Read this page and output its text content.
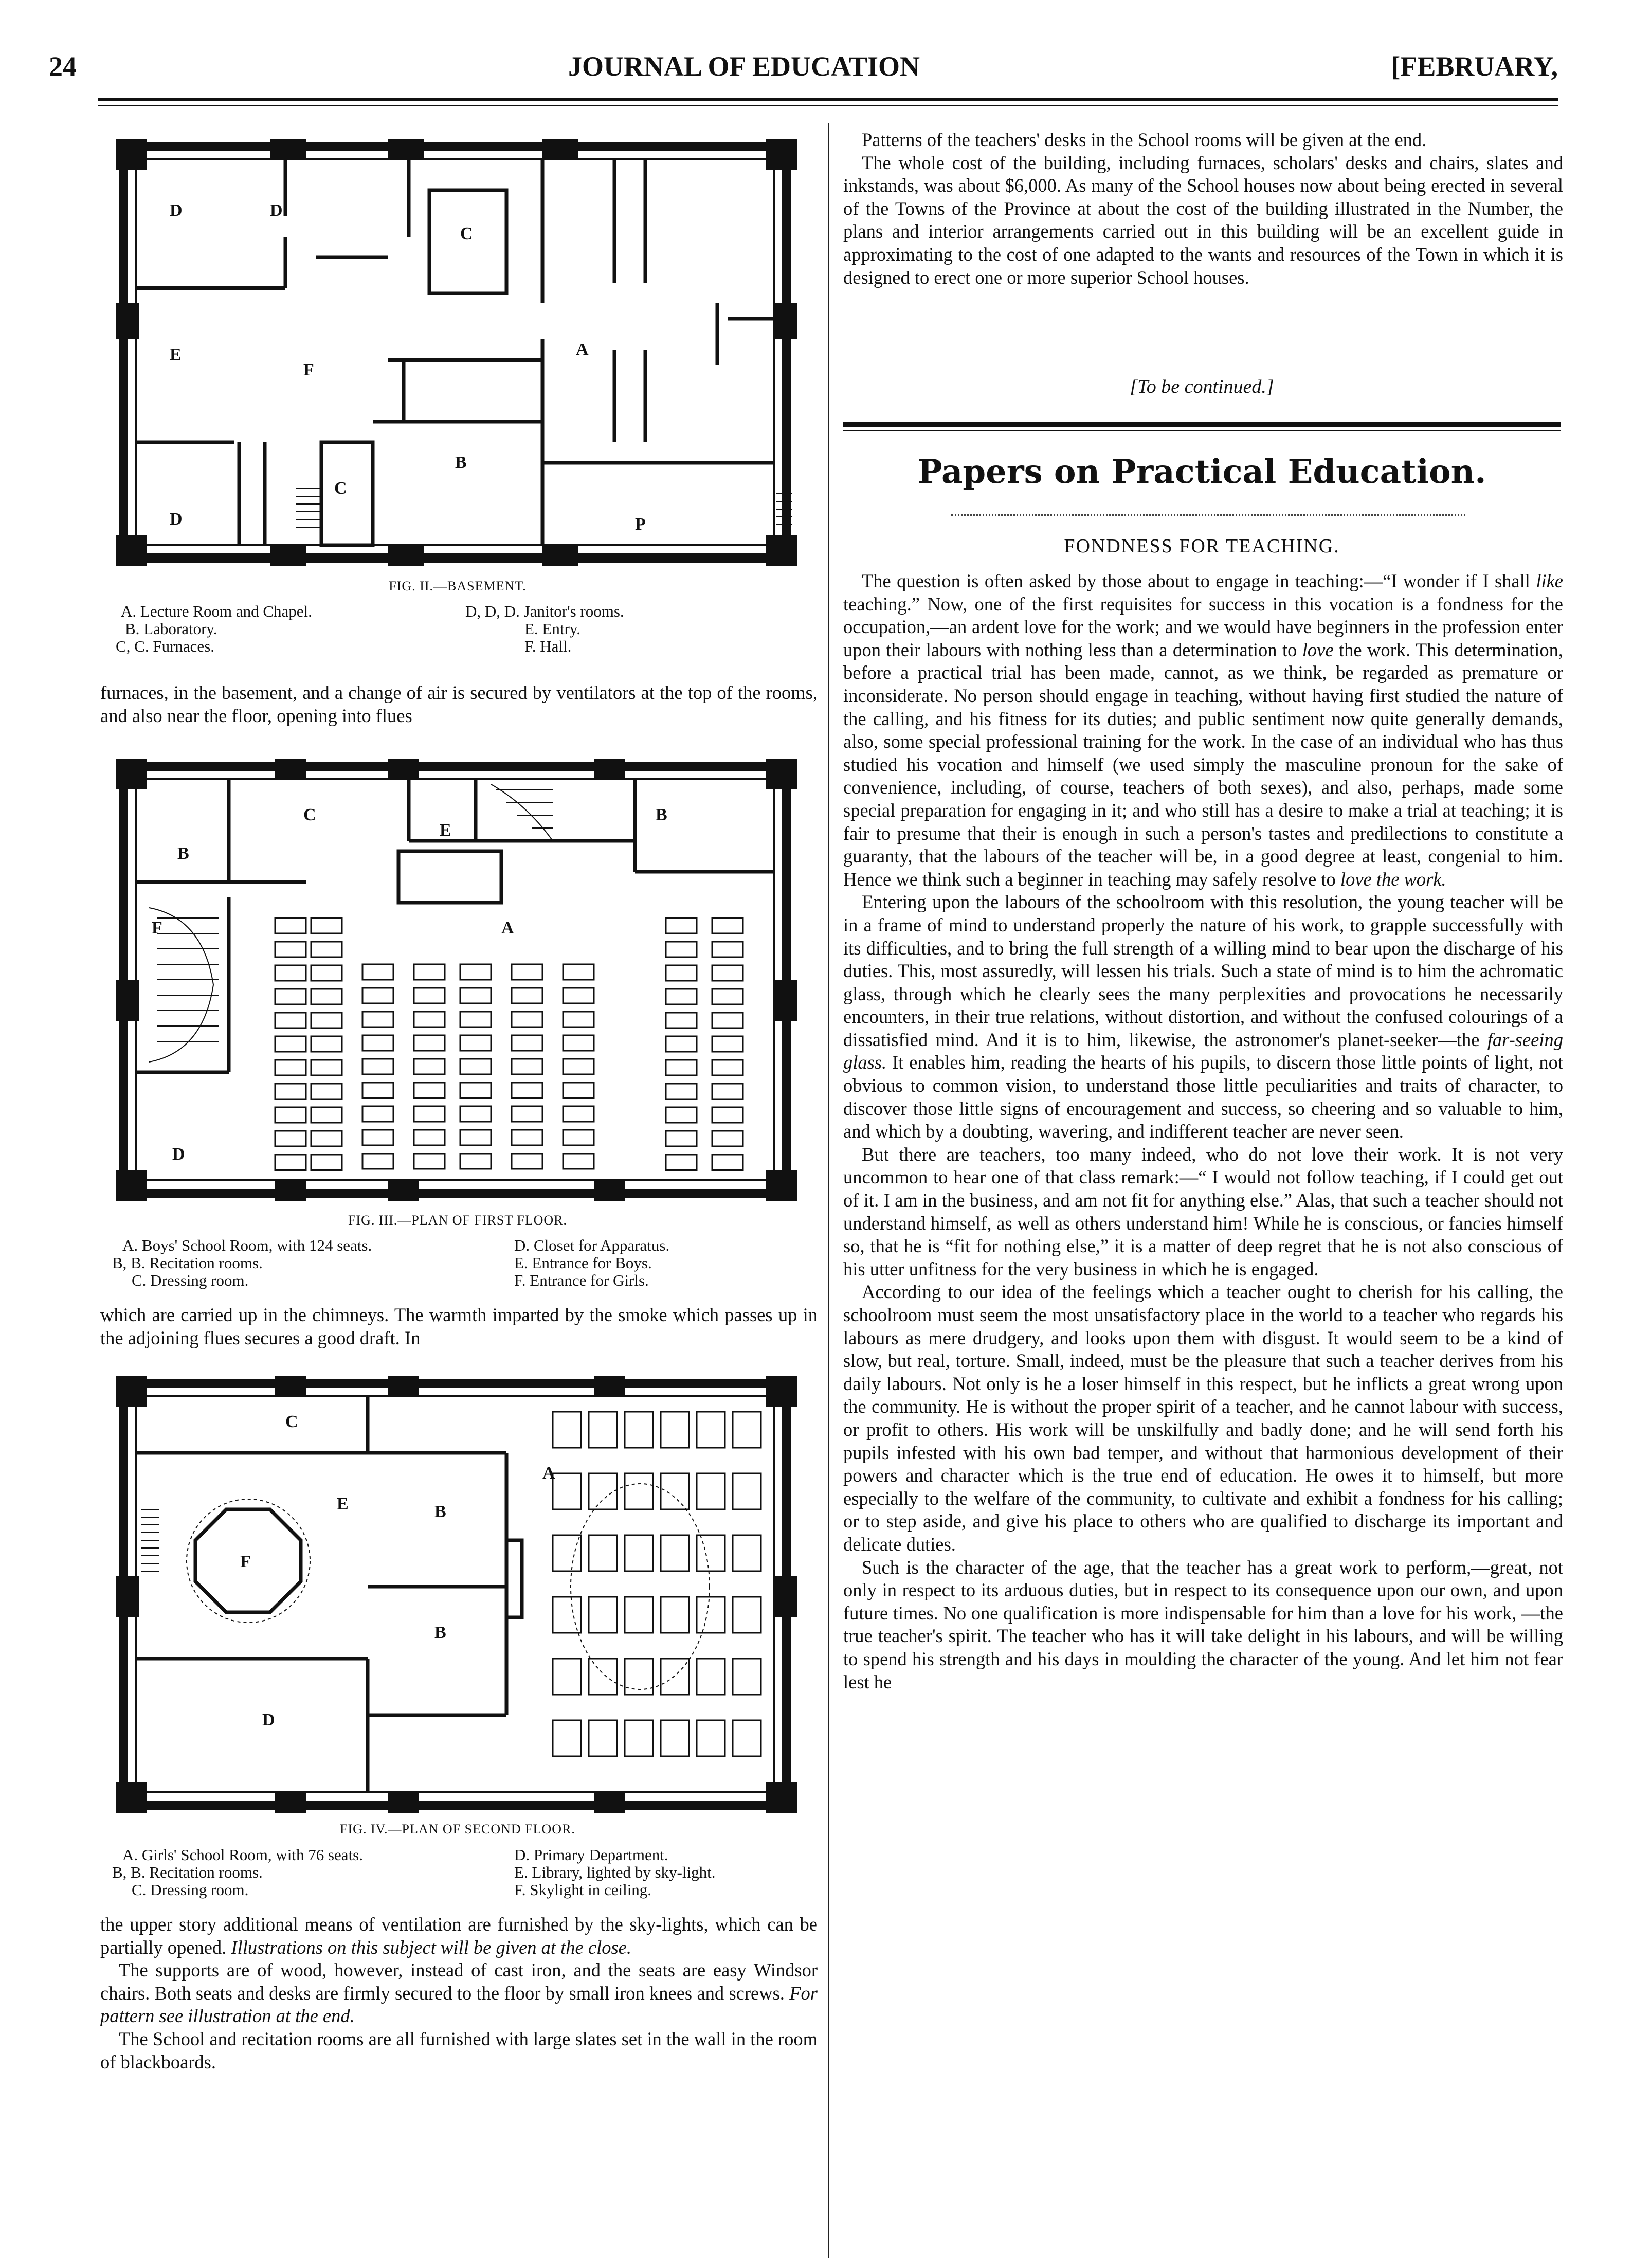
24	JOURNAL OF EDUCATION	[FEBRUARY,
D	D
D
C
C
E
F
A
B
P
FIG. II.—BASEMENT.
A. Lecture Room and Chapel.
B. Laboratory.
C, C. Furnaces.
D, D, D. Janitor's rooms.
E. Entry.
F. Hall.

furnaces, in the basement, and a change of air is secured by ventilators at the top of the rooms, and also near the floor, opening into flues

B
C
E
B
F	A
D
FIG. III.—PLAN OF FIRST FLOOR.
A. Boys' School Room, with 124 seats.
B, B. Recitation rooms.
C. Dressing room.
D. Closet for Apparatus.
E. Entrance for Boys.
F. Entrance for Girls.

which are carried up in the chimneys. The warmth imparted by the smoke which passes up in the adjoining flues secures a good draft. In

C
A
E	B
B
F
D
FIG. IV.—PLAN OF SECOND FLOOR.
A. Girls' School Room, with 76 seats.
B, B. Recitation rooms.
C. Dressing room.
D. Primary Department.
E. Library, lighted by sky-light.
F. Skylight in ceiling.

the upper story additional means of ventilation are furnished by the sky-lights, which can be partially opened. Illustrations on this subject will be given at the close.

The supports are of wood, however, instead of cast iron, and the seats are easy Windsor chairs. Both seats and desks are firmly secured to the floor by small iron knees and screws. For pattern see illustration at the end.

The School and recitation rooms are all furnished with large slates set in the wall in the room of blackboards.

Patterns of the teachers' desks in the School rooms will be given at the end.

The whole cost of the building, including furnaces, scholars' desks and chairs, slates and inkstands, was about $6,000. As many of the School houses now about being erected in several of the Towns of the Province at about the cost of the building illustrated in the Number, the plans and interior arrangements carried out in this building will be an excellent guide in approximating to the cost of one adapted to the wants and resources of the Town in which it is designed to erect one or more superior School houses.

[To be continued.]
Papers on Practical Education.
FONDNESS FOR TEACHING.

The question is often asked by those about to engage in teaching:—“I wonder if I shall like teaching.” Now, one of the first requisites for success in this vocation is a fondness for the occupation,—an ardent love for the work; and we would have beginners in the profession enter upon their labours with nothing less than a determination to love the work. This determination, before a practical trial has been made, cannot, as we think, be regarded as premature or inconsiderate. No person should engage in teaching, without having first studied the nature of the calling, and his fitness for its duties; and public sentiment now quite generally demands, also, some special professional training for the work. In the case of an individual who has thus studied his vocation and himself (we used simply the masculine pronoun for the sake of convenience, including, of course, teachers of both sexes), and also, perhaps, made some special preparation for engaging in it; and who still has a desire to make a trial at teaching; it is fair to presume that their is enough in such a person's tastes and predilections to constitute a guaranty, that the labours of the teacher will be, in a good degree at least, congenial to him. Hence we think such a beginner in teaching may safely resolve to love the work.

Entering upon the labours of the schoolroom with this resolution, the young teacher will be in a frame of mind to understand properly the nature of his work, to grapple successfully with its difficulties, and to bring the full strength of a willing mind to bear upon the discharge of his duties. This, most assuredly, will lessen his trials. Such a state of mind is to him the achromatic glass, through which he clearly sees the many perplexities and provocations he necessarily encounters, in their true relations, without distortion, and without the confused colourings of a dissatisfied mind. And it is to him, likewise, the astronomer's planet-seeker—the far-seeing glass. It enables him, reading the hearts of his pupils, to discern those little points of light, not obvious to common vision, to understand those little peculiarities and traits of character, to discover those little signs of encouragement and success, so cheering and so valuable to him, and which by a doubting, wavering, and indifferent teacher are never seen.

But there are teachers, too many indeed, who do not love their work. It is not very uncommon to hear one of that class remark:—“ I would not follow teaching, if I could get out of it. I am in the business, and am not fit for anything else.” Alas, that such a teacher should not understand himself, as well as others understand him! While he is conscious, or fancies himself so, that he is “fit for nothing else,” it is a matter of deep regret that he is not also conscious of his utter unfitness for the very business in which he is engaged.

According to our idea of the feelings which a teacher ought to cherish for his calling, the schoolroom must seem the most unsatisfactory place in the world to a teacher who regards his labours as mere drudgery, and looks upon them with disgust. It would seem to be a kind of slow, but real, torture. Small, indeed, must be the pleasure that such a teacher derives from his daily labours. Not only is he a loser himself in this respect, but he inflicts a great wrong upon the community. He is without the proper spirit of a teacher, and he cannot labour with success, or profit to others. His work will be unskilfully and badly done; and he will send forth his pupils infested with his own bad temper, and without that harmonious development of their powers and character which is the true end of education. He owes it to himself, but more especially to the welfare of the community, to cultivate and exhibit a fondness for his calling; or to step aside, and give his place to others who are qualified to discharge its important and delicate duties.

Such is the character of the age, that the teacher has a great work to perform,—great, not only in respect to its arduous duties, but in respect to its consequence upon our own, and upon future times. No one qualification is more indispensable for him than a love for his work, —the true teacher's spirit. The teacher who has it will take delight in his labours, and will be willing to spend his strength and his days in moulding the character of the young. And let him not fear lest he
